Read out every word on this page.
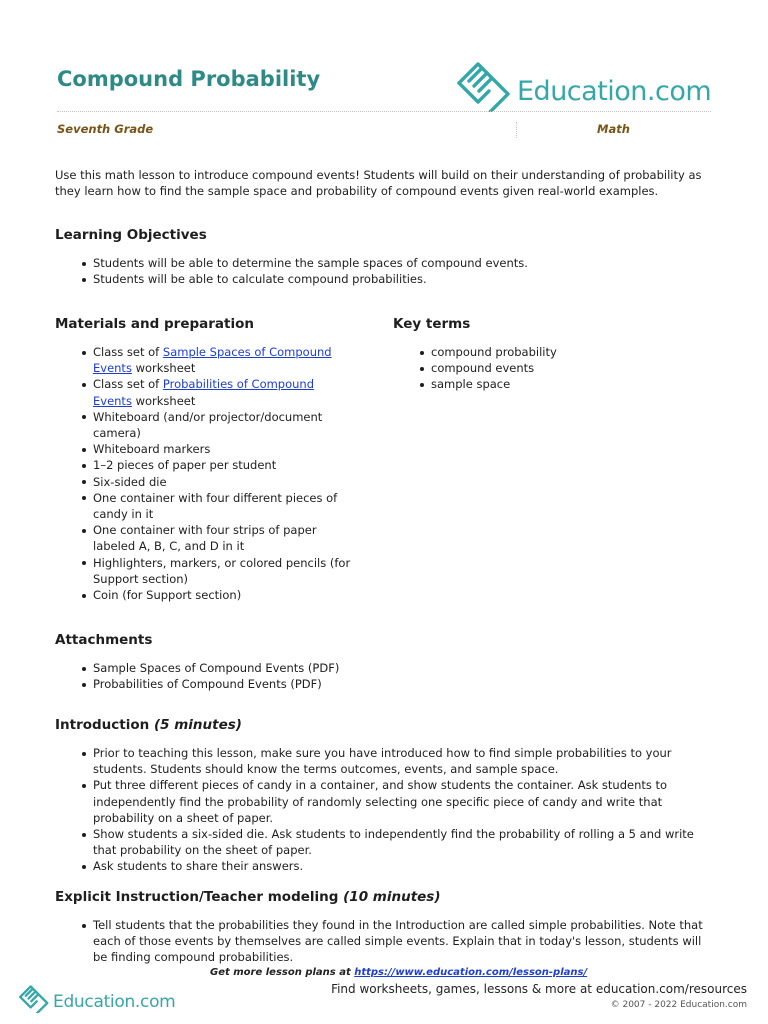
Compound Probability	Education.com
Seventh Grade	Math

Use this math lesson to introduce compound events! Students will build on their understanding of probability as they learn how to find the sample space and probability of compound events given real-world examples.

Learning Objectives
Students will be able to determine the sample spaces of compound events.
Students will be able to calculate compound probabilities.
Materials and preparation
Class set of Sample Spaces of Compound Events worksheet
Class set of Probabilities of Compound Events worksheet
Whiteboard (and/or projector/document camera)
Whiteboard markers
1–2 pieces of paper per student
Six-sided die
One container with four different pieces of candy in it
One container with four strips of paper labeled A, B, C, and D in it
Highlighters, markers, or colored pencils (for Support section)
Coin (for Support section)
Key terms
compound probability
compound events
sample space
Attachments
Sample Spaces of Compound Events (PDF)
Probabilities of Compound Events (PDF)
Introduction (5 minutes)
Prior to teaching this lesson, make sure you have introduced how to find simple probabilities to your students. Students should know the terms outcomes, events, and sample space.
Put three different pieces of candy in a container, and show students the container. Ask students to independently find the probability of randomly selecting one specific piece of candy and write that probability on a sheet of paper.
Show students a six-sided die. Ask students to independently find the probability of rolling a 5 and write that probability on the sheet of paper.
Ask students to share their answers.
Explicit Instruction/Teacher modeling (10 minutes)
Tell students that the probabilities they found in the Introduction are called simple probabilities. Note that each of those events by themselves are called simple events. Explain that in today's lesson, students will be finding compound probabilities.
Get more lesson plans at https://www.education.com/lesson-plans/
Education.com
Find worksheets, games, lessons & more at education.com/resources
© 2007 - 2022 Education.com
